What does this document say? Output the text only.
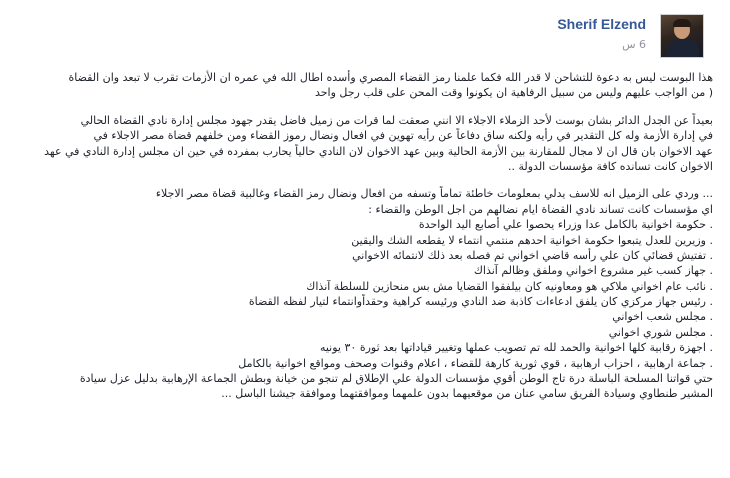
Sherif Elzend
6 س
هذا البوست ليس به دعوة للتشاحن لا قدر الله فكما علمنا رمز القضاء المصري وأسده اطال الله في عمره ان الأزمات تقرب لا تبعد وان القضاة
( من الواجب عليهم وليس من سبيل الرفاهية ان يكونوا وقت المحن على قلب رجل واحد
بعيداً عن الجدل الدائر بشان بوست لأحد الزملاء الاجلاء الا انني صعقت لما قرات من زميل فاضل يقدر جهود مجلس إدارة نادي القضاة الحالي
في إدارة الأزمة وله كل التقدير في رأيه ولكنه ساق دفاعاً عن رأيه تهوين في افعال ونضال رموز القضاء ومن خلفهم قضاة مصر الاجلاء في
عهد الاخوان بان قال ان لا مجال للمقارنة بين الأزمة الحالية وبين عهد الاخوان لان النادي حالياً يحارب بمفرده في حين ان مجلس إدارة النادي في عهد
الاخوان كانت تسانده كافة مؤسسات الدولة ..
... وردي على الزميل انه للاسف يدلي بمعلومات خاطئة تماماً وتسفه من افعال ونضال رمز القضاء وغالبية قضاة مصر الاجلاء
اي مؤسسات كانت تساند نادي القضاة ايام نضالهم من اجل الوطن والقضاء :
. حكومة اخوانية بالكامل عدا وزراء يحصوا علي أصابع اليد الواحدة
. وزيرين للعدل يتبعوا حكومة اخوانية احدهم منتمي انتماء لا يقطعه الشك واليقين
. تفتيش قضائي كان علي رأسه قاضي اخواني تم فصله بعد ذلك لانتمائه الاخواني
. جهاز كسب غير مشروع اخواني وملفق وظالم آنذاك
. نائب عام اخواني ملاكي هو ومعاونيه كان بيلفقوا القضايا مش بس منحازين للسلطة آنذاك
. رئيس جهاز مركزي كان يلفق ادعاءات كاذبة ضد النادي ورئيسه كراهية وحقداًوانتماء لتيار لفظه القضاة
. مجلس شعب اخواني
. مجلس شوري اخواني
. اجهزة رقابية كلها اخوانية والحمد لله تم تصويب عملها وتغيير قياداتها بعد ثورة ٣٠ يونيه
. جماعة ارهابية ، احزاب ارهابية ، قوي ثورية كارهة للقضاء ، اعلام وقنوات وصحف ومواقع اخوانية بالكامل
حتي قواتنا المسلحة الباسلة درة تاج الوطن أقوي مؤسسات الدولة علي الإطلاق لم تنجو من خيانة وبطش الجماعة الإرهابية بدليل عزل سيادة
المشير طنطاوي وسيادة الفريق سامي عنان من موقعيهما بدون علمهما وموافقتهما وموافقة جيشنا الباسل ...
